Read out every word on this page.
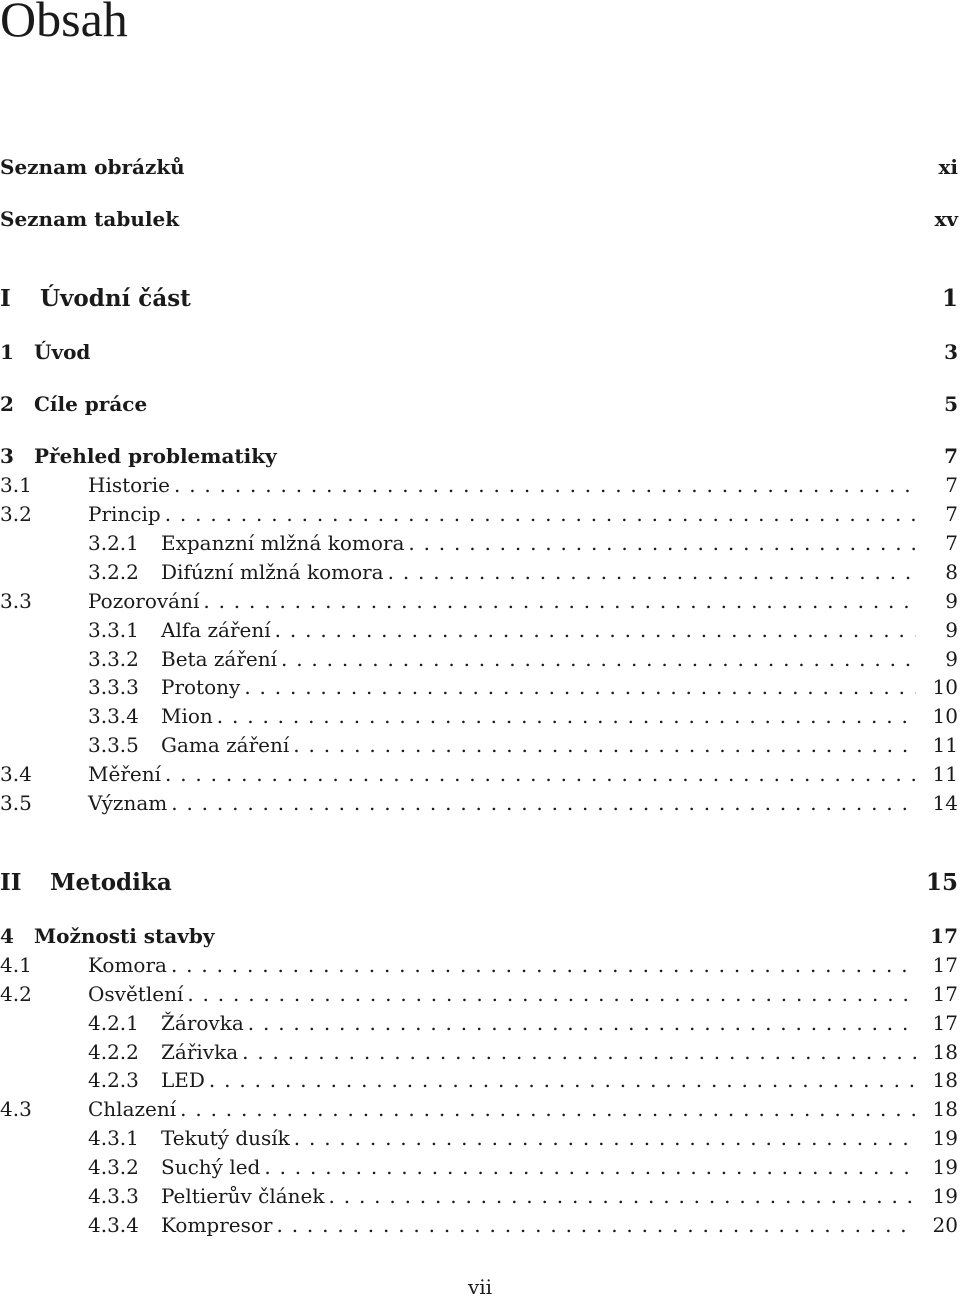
Obsah
Seznam obrázků	xi
Seznam tabulek	xv
I	Úvodní část	1
1	Úvod	3
2	Cíle práce	5
3	Přehled problematiky	7
3.1	Historie . . .	7
3.2	Princip . . .	7
3.2.1	Expanzní mlžná komora . . .	7
3.2.2	Difúzní mlžná komora . . .	8
3.3	Pozorování . . .	9
3.3.1	Alfa záření . . .	9
3.3.2	Beta záření . . .	9
3.3.3	Protony . . .	10
3.3.4	Mion . . .	10
3.3.5	Gama záření . . .	11
3.4	Měření . . .	11
3.5	Význam . . .	14
II	Metodika	15
4	Možnosti stavby	17
4.1	Komora . . .	17
4.2	Osvětlení . . .	17
4.2.1	Žárovka . . .	17
4.2.2	Zářivka . . .	18
4.2.3	LED . . .	18
4.3	Chlazení . . .	18
4.3.1	Tekutý dusík . . .	19
4.3.2	Suchý led . . .	19
4.3.3	Peltierův článek . . .	19
4.3.4	Kompresor . . .	20
vii
